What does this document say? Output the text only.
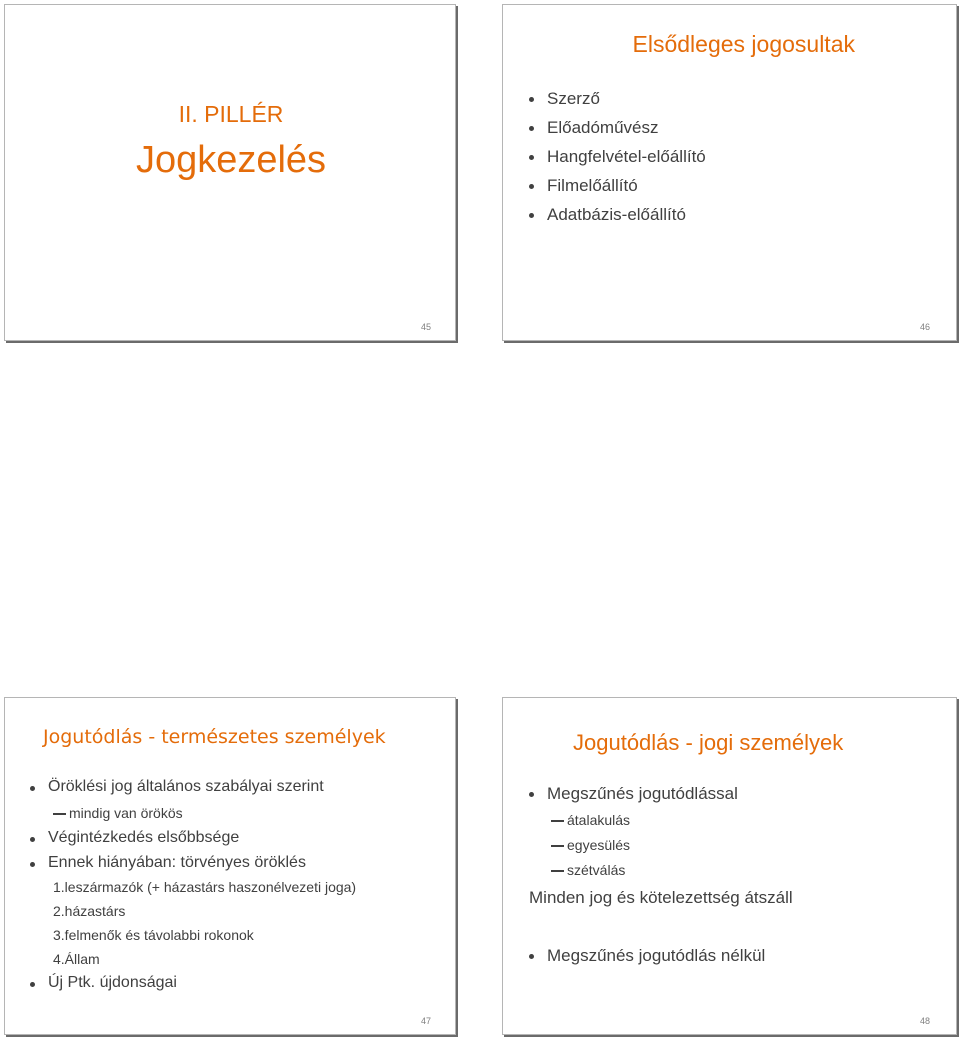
II. PILLÉR
Jogkezelés
45
Elsődleges jogosultak
Szerző
Előadóművész
Hangfelvétel-előállító
Filmelőállító
Adatbázis-előállító
46
Jogutódlás - természetes személyek
Öröklési jog általános szabályai szerint
mindig van örökös
Végintézkedés elsőbbsége
Ennek hiányában: törvényes öröklés
1.leszármazók (+ házastárs haszonélvezeti joga)
2.házastárs
3.felmenők és távolabbi rokonok
4.Állam
Új Ptk. újdonságai
47
Jogutódlás - jogi személyek
Megszűnés jogutódlással
átalakulás
egyesülés
szétválás
Minden jog és kötelezettség átszáll
Megszűnés jogutódlás nélkül
48
